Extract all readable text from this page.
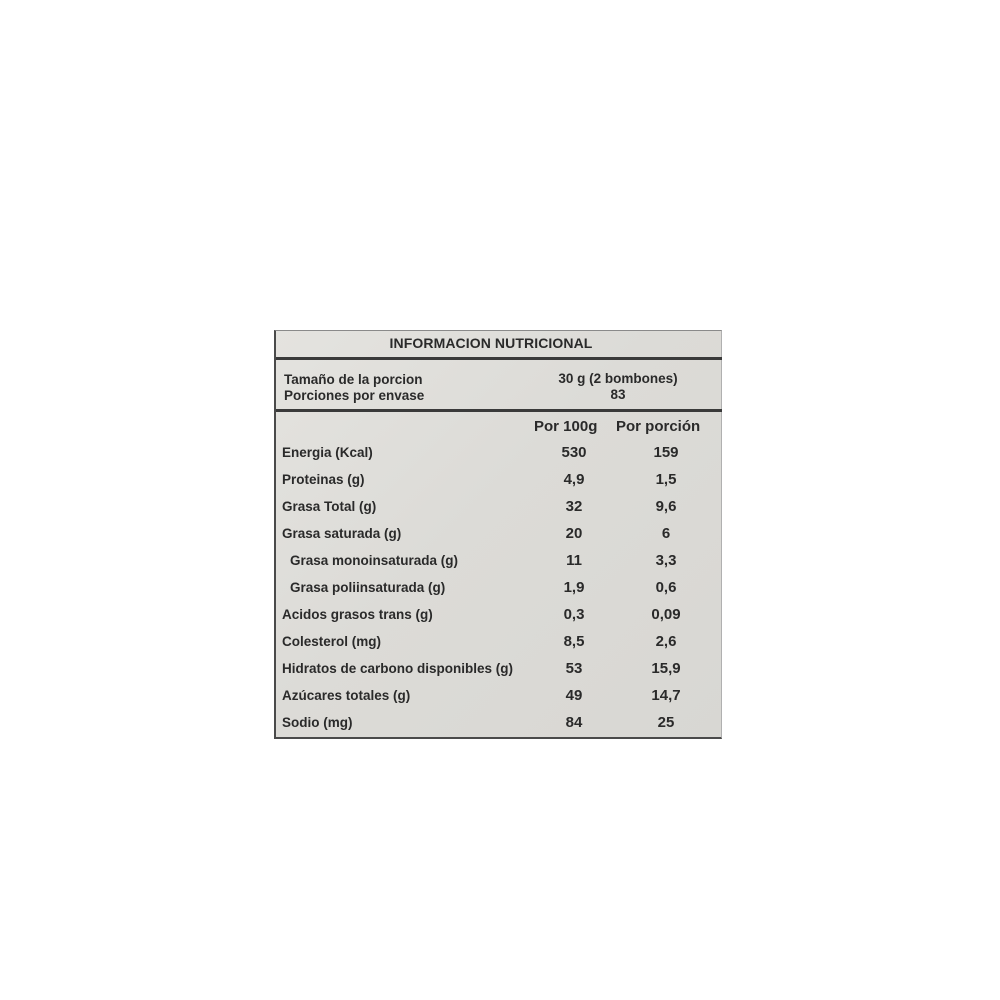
INFORMACION NUTRICIONAL
Tamaño de la porcion	30 g (2 bombones)
Porciones por envase	83
Por 100g Por porción
Energia (Kcal)	530	159
Proteinas (g)	4,9	1,5
Grasa Total (g)	32	9,6
Grasa saturada (g)	20	6
Grasa monoinsaturada (g)	11	3,3
Grasa poliinsaturada (g)	1,9	0,6
Acidos grasos trans (g)	0,3	0,09
Colesterol (mg)	8,5	2,6
Hidratos de carbono disponibles (g)	53	15,9
Azúcares totales (g)	49	14,7
Sodio (mg)	84	25
